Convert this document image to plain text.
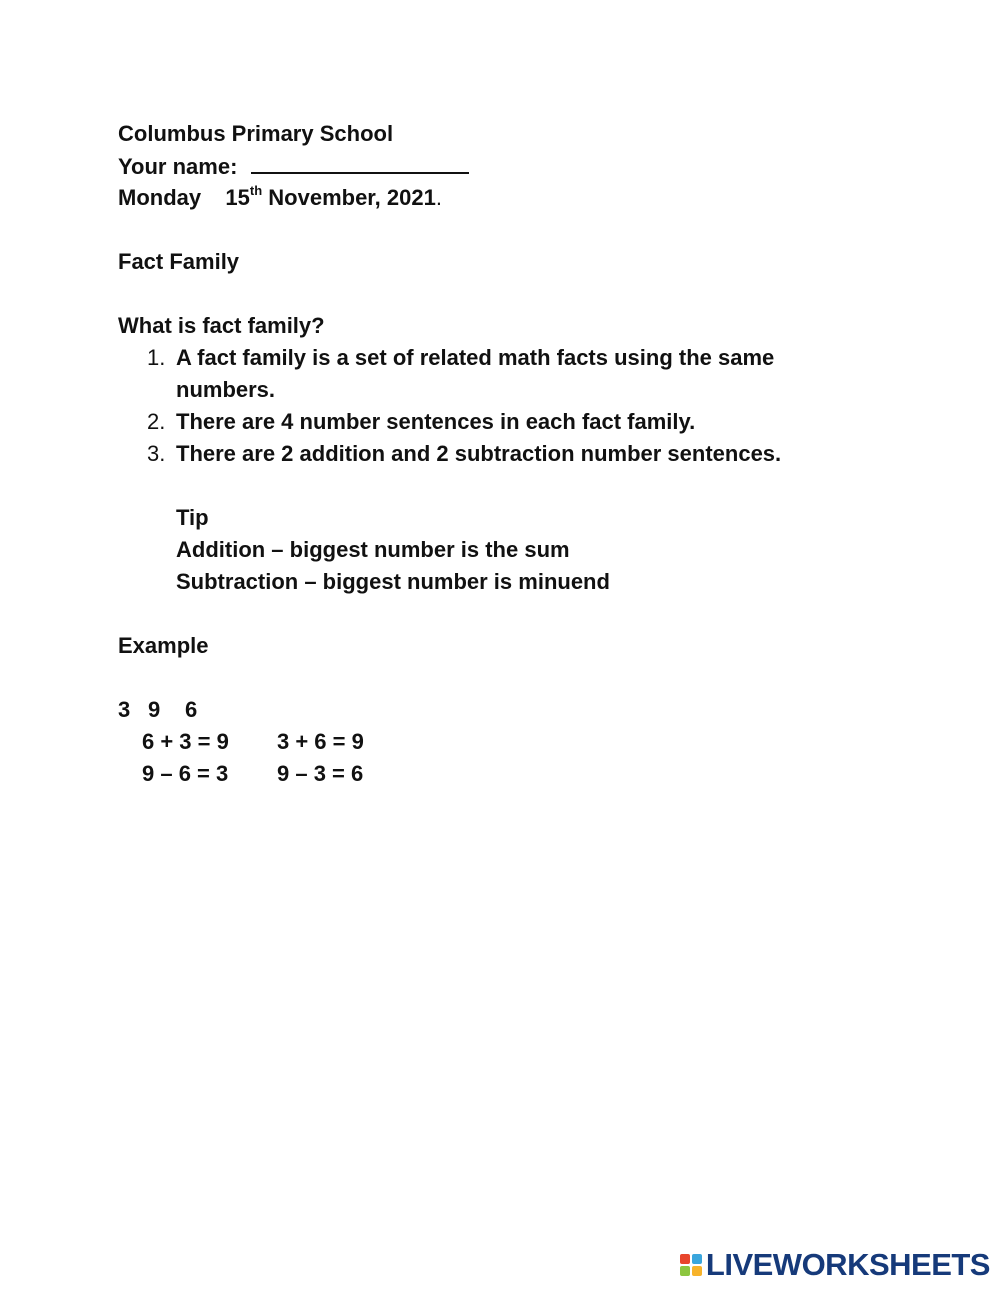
Columbus Primary School
Your name:
Monday 15th November, 2021.
Fact Family
What is fact family?
1. A fact family is a set of related math facts using the same numbers.
2. There are 4 number sentences in each fact family.
3. There are 2 addition and 2 subtraction number sentences.
Tip
Addition – biggest number is the sum
Subtraction – biggest number is minuend
Example
3 9 6
6 + 3 = 9 3 + 6 = 9
9 – 6 = 3 9 – 3 = 6
LIVEWORKSHEETS
